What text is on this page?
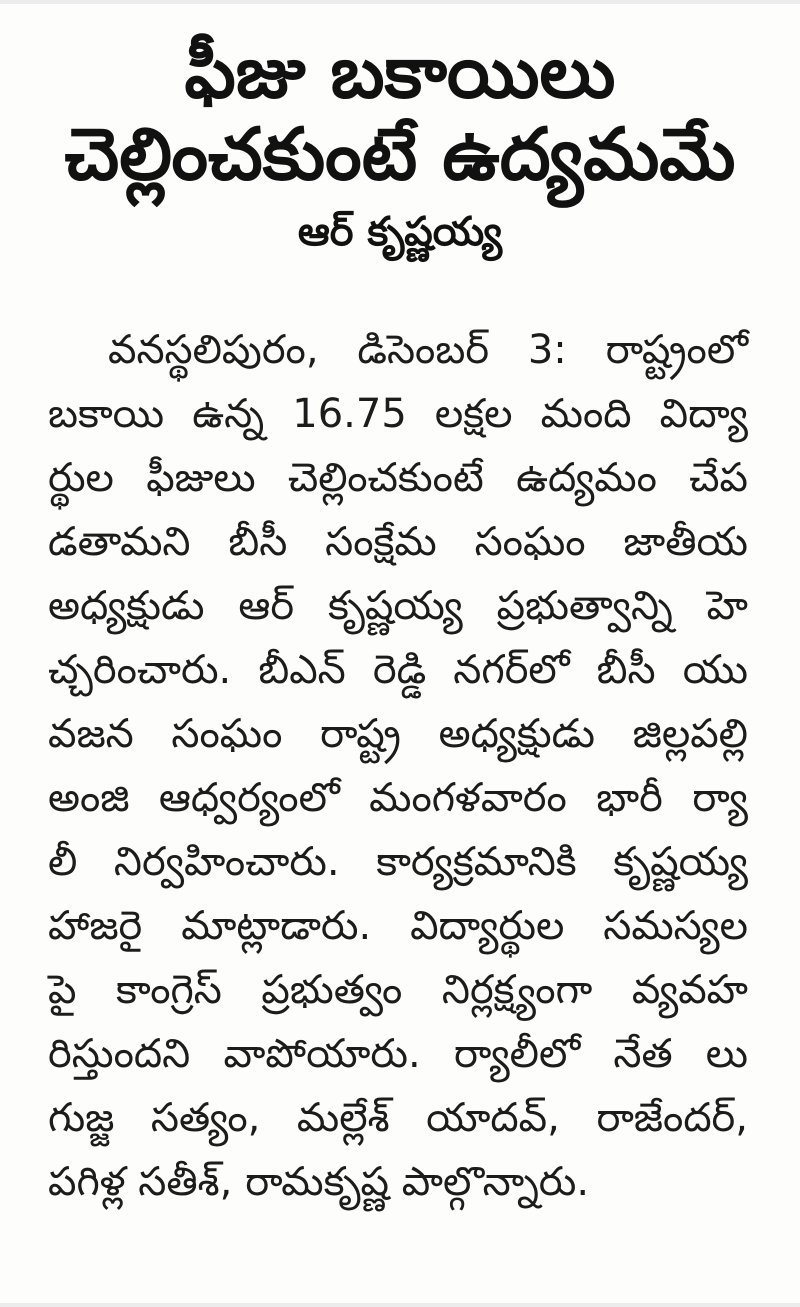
ఫీజు బకాయిలు
చెల్లించకుంటే ఉద్యమమే
ఆర్ కృష్ణయ్య
వనస్థలిపురం, డిసెంబర్ 3: రాష్ట్రంలో
బకాయి ఉన్న 16.75 లక్షల మంది విద్యా
ర్థుల ఫీజులు చెల్లించకుంటే ఉద్యమం చేప
డతామని బీసీ సంక్షేమ సంఘం జాతీయ
అధ్యక్షుడు ఆర్ కృష్ణయ్య ప్రభుత్వాన్ని హె
చ్చరించారు. బీఎన్ రెడ్డి నగర్‌లో బీసీ యు
వజన సంఘం రాష్ట్ర అధ్యక్షుడు జిల్లపల్లి
అంజి ఆధ్వర్యంలో మంగళవారం భారీ ర్యా
లీ నిర్వహించారు. కార్యక్రమానికి కృష్ణయ్య
హాజరై మాట్లాడారు. విద్యార్థుల సమస్యల
పై కాంగ్రెస్ ప్రభుత్వం నిర్లక్ష్యంగా వ్యవహ
రిస్తుందని వాపోయారు. ర్యాలీలో నేత లు
గుజ్జ సత్యం, మల్లేశ్ యాదవ్, రాజేందర్,
పగిళ్ల సతీశ్, రామకృష్ణ పాల్గొన్నారు.
